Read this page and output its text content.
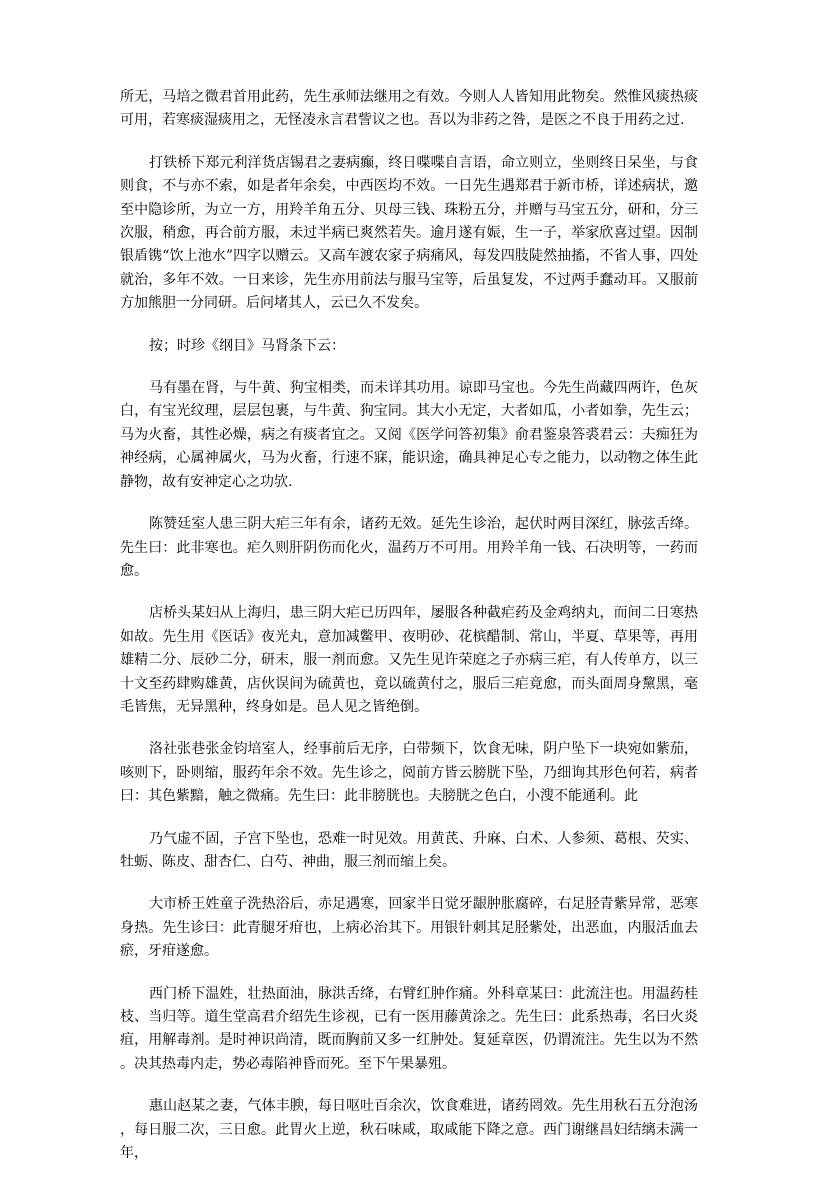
所无，马培之微君首用此药，先生承师法继用之有效。今则人人皆知用此物矣。然惟风痰热痰可用，若寒痰湿痰用之，无怪凌永言君訾议之也。吾以为非药之咎，是医之不良于用药之过.

打铁桥下郑元利洋货店锡君之妻病癫，终日喋喋自言语，命立则立，坐则终日呆坐，与食则食，不与亦不索，如是者年余矣，中西医均不效。一日先生遇郑君于新市桥，详述病状，邀至中隐诊所，为立一方，用羚羊角五分、贝母三钱、珠粉五分，并赠与马宝五分，研和，分三次服，稍愈，再合前方服，未过半病已爽然若失。逾月遂有娠，生一子，举家欣喜过望。因制银盾镌“饮上池水”四字以赠云。又高车渡农家子病痛风，每发四肢陡然抽搐，不省人事，四处就治，多年不效。一日来诊，先生亦用前法与服马宝等，后虽复发，不过两手蠢动耳。又服前方加熊胆一分同研。后问堵其人，云已久不发矣。

按；时珍《纲目》马肾条下云：

马有墨在肾，与牛黄、狗宝相类，而未详其功用。谅即马宝也。今先生尚藏四两许，色灰白，有宝光纹理，层层包裹，与牛黄、狗宝同。其大小无定，大者如瓜，小者如拳，先生云；马为火畜，其性必燥，病之有痰者宜之。又阅《医学问答初集》俞君鉴泉答裘君云：夫痴狂为神经病，心属神属火，马为火畜，行速不寐，能识途，确具神足心专之能力，以动物之体生此静物，故有安神定心之功欤.

陈赞廷室人患三阴大疟三年有余，诸药无效。延先生诊治，起伏时两目深红，脉弦舌绛。先生曰：此非寒也。疟久则肝阴伤而化火，温药万不可用。用羚羊角一钱、石决明等，一药而愈。

店桥头某妇从上海归，患三阴大疟已历四年，屡服各种截疟药及金鸡纳丸，而间二日寒热如故。先生用《医话》夜光丸，意加减鳖甲、夜明砂、花槟醋制、常山，半夏、草果等，再用雄精二分、辰砂二分，研末，服一剂而愈。又先生见许荣庭之子亦病三疟，有人传单方，以三十文至药肆购雄黄，店伙误间为硫黄也，竟以硫黄付之，服后三疟竟愈，而头面周身黧黑，毫毛皆焦，无异黑种，终身如是。邑人见之皆绝倒。

洛社张巷张金钧培室人，经事前后无序，白带频下，饮食无味，阴户坠下一块宛如紫茄，咳则下，卧则缩，服药年余不效。先生诊之，阅前方皆云膀胱下坠，乃细询其形色何若，病者曰：其色紫黯，触之微痛。先生曰：此非膀胱也。夫膀胱之色白，小溲不能通利。此

乃气虚不固，子宫下坠也，恐难一时见效。用黄芪、升麻、白术、人参须、葛根、芡实、牡蛎、陈皮、甜杏仁、白芍、神曲，服三剂而缩上矣。

大市桥王姓童子洗热浴后，赤足遇寒，回家半日觉牙龈肿胀腐碎，右足胫青紫异常，恶寒身热。先生诊曰：此青腿牙疳也，上病必治其下。用银针刺其足胫紫处，出恶血，内服活血去瘀，牙疳遂愈。

西门桥下温姓，壮热面油，脉洪舌绛，右臂红肿作痛。外科章某曰：此流注也。用温药桂枝、当归等。道生堂高君介绍先生诊视，已有一医用藤黄涂之。先生曰：此系热毒，名曰火炎疽，用解毒剂。是时神识尚清，既而胸前又多一红肿处。复延章医，仍谓流注。先生以为不然。决其热毒内走，势必毒陷神昏而死。至下午果暴殂。

惠山赵某之妻，气体丰腴，每日呕吐百余次，饮食难进，诸药罔效。先生用秋石五分泡汤，每日服二次，三日愈。此胃火上逆，秋石味咸，取咸能下降之意。西门谢继昌妇结缡未满一年，
